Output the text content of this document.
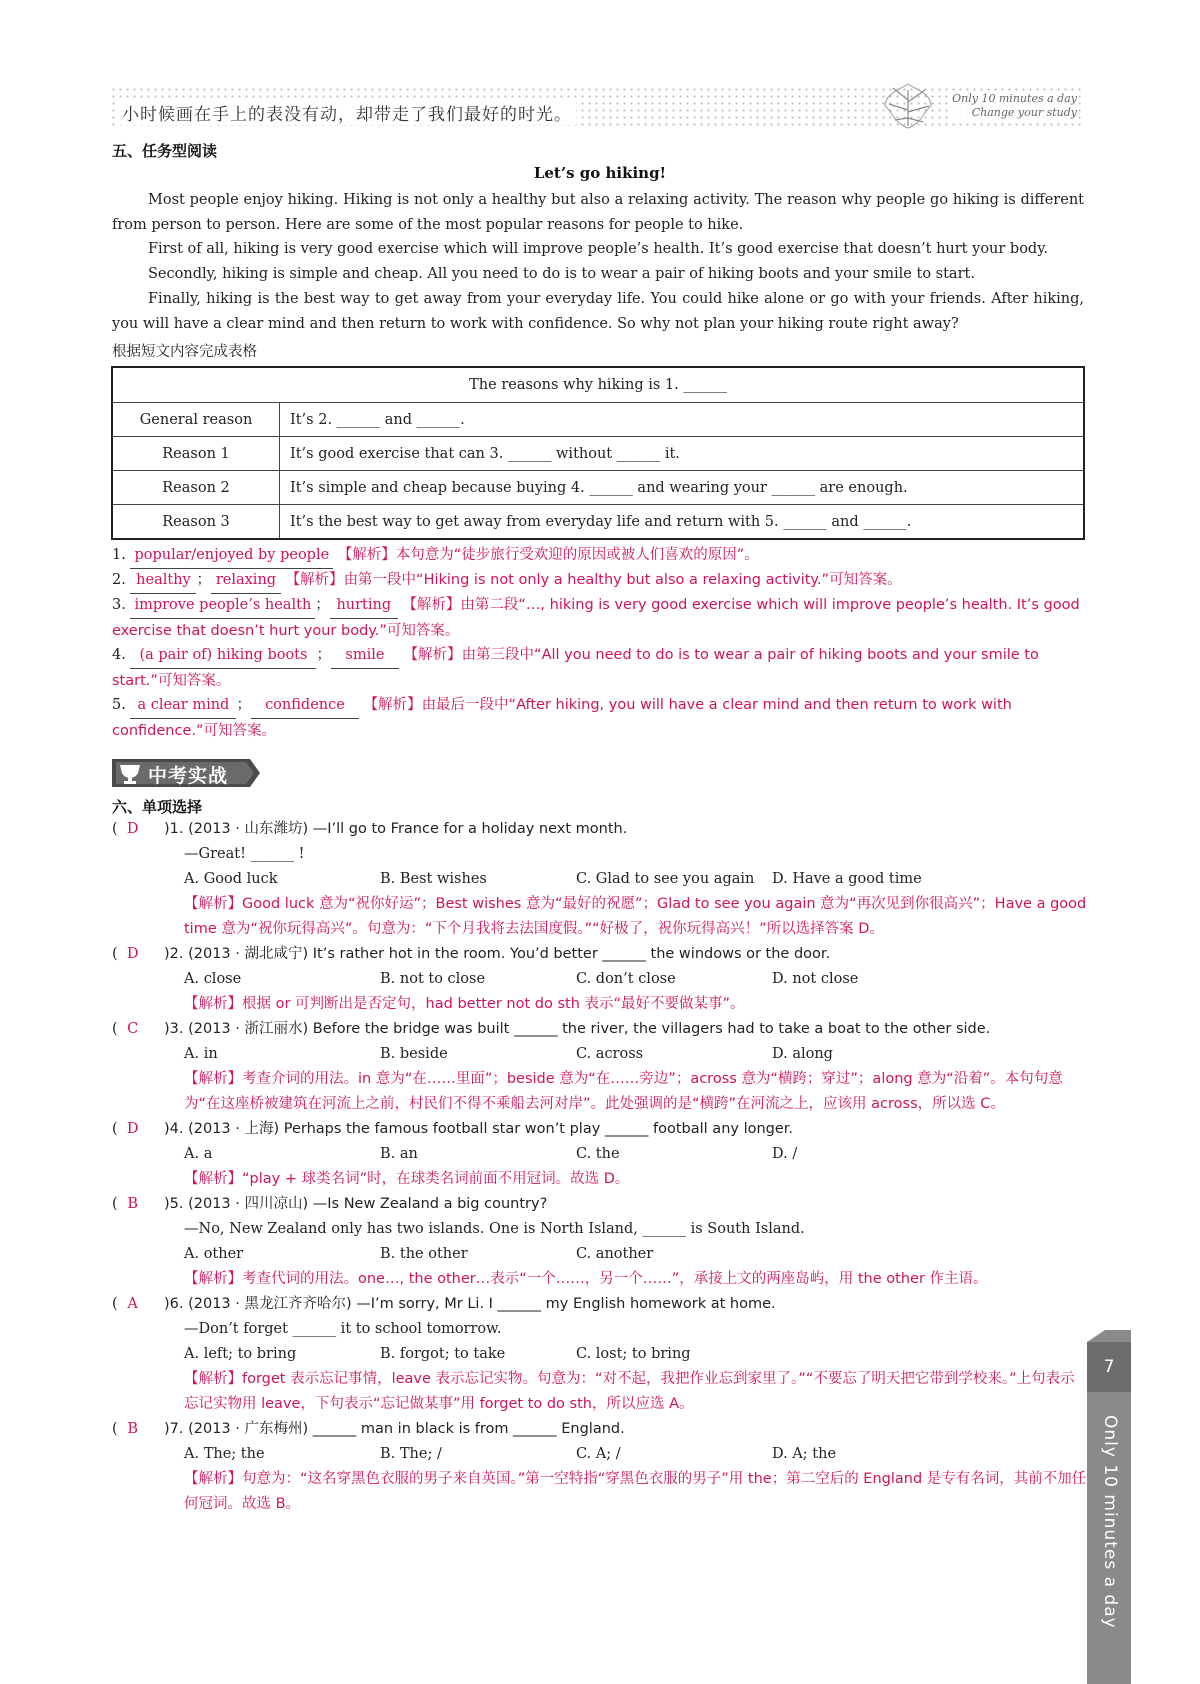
小时候画在手上的表没有动，却带走了我们最好的时光。
Only 10 minutes a day
Change your study
五、任务型阅读
Let’s go hiking!
Most people enjoy hiking. Hiking is not only a healthy but also a relaxing activity. The reason why people go hiking is different from person to person. Here are some of the most popular reasons for people to hike.
First of all, hiking is very good exercise which will improve people’s health. It’s good exercise that doesn’t hurt your body.
Secondly, hiking is simple and cheap. All you need to do is to wear a pair of hiking boots and your smile to start.
Finally, hiking is the best way to get away from your everyday life. You could hike alone or go with your friends. After hiking, you will have a clear mind and then return to work with confidence. So why not plan your hiking route right away?
根据短文内容完成表格
The reasons why hiking is 1. ______	
General reason	It’s 2. ______ and ______.
Reason 1	It’s good exercise that can 3. ______ without ______ it.
Reason 2	It’s simple and cheap because buying 4. ______ and wearing your ______ are enough.
Reason 3	It’s the best way to get away from everyday life and return with 5. ______ and ______.
1. popular/enjoyed by people 【解析】本句意为“徒步旅行受欢迎的原因或被人们喜欢的原因”。
2. healthy ； relaxing 【解析】由第一段中“Hiking is not only a healthy but also a relaxing activity.”可知答案。
3. improve people’s health ； hurting 【解析】由第二段“…, hiking is very good exercise which will improve people’s health. It’s good exercise that doesn’t hurt your body.”可知答案。
4. (a pair of) hiking boots ； smile 【解析】由第三段中“All you need to do is to wear a pair of hiking boots and your smile to start.”可知答案。
5. a clear mind ； confidence 【解析】由最后一段中“After hiking, you will have a clear mind and then return to work with confidence.”可知答案。
中考实战
六、单项选择
( D )1. (2013 · 山东潍坊) —I’ll go to France for a holiday next month.
—Great! ______ !
A. Good luck	B. Best wishes	C. Glad to see you again D. Have a good time
【解析】Good luck 意为“祝你好运”；Best wishes 意为“最好的祝愿”；Glad to see you again 意为“再次见到你很高兴”；Have a good time 意为“祝你玩得高兴”。句意为：“下个月我将去法国度假。”“好极了，祝你玩得高兴！”所以选择答案 D。
( D )2. (2013 · 湖北咸宁) It’s rather hot in the room. You’d better ______ the windows or the door.
A. close	B. not to close	C. don’t close	D. not close
【解析】根据 or 可判断出是否定句，had better not do sth 表示“最好不要做某事”。
( C )3. (2013 · 浙江丽水) Before the bridge was built ______ the river, the villagers had to take a boat to the other side.
A. in	B. beside	C. across	D. along
【解析】考查介词的用法。in 意为“在……里面”；beside 意为“在……旁边”；across 意为“横跨；穿过”；along 意为“沿着”。本句句意为“在这座桥被建筑在河流上之前，村民们不得不乘船去河对岸”。此处强调的是“横跨”在河流之上，应该用 across，所以选 C。
( D )4. (2013 · 上海) Perhaps the famous football star won’t play ______ football any longer.
A. a	B. an	C. the	D. /
【解析】“play + 球类名词”时，在球类名词前面不用冠词。故选 D。
( B )5. (2013 · 四川凉山) —Is New Zealand a big country?
—No, New Zealand only has two islands. One is North Island, ______ is South Island.
A. other	B. the other	C. another
【解析】考查代词的用法。one…, the other…表示“一个……，另一个……”，承接上文的两座岛屿，用 the other 作主语。
( A )6. (2013 · 黑龙江齐齐哈尔) —I’m sorry, Mr Li. I ______ my English homework at home.
—Don’t forget ______ it to school tomorrow.
A. left; to bring	B. forgot; to take	C. lost; to bring
【解析】forget 表示忘记事情，leave 表示忘记实物。句意为：“对不起，我把作业忘到家里了。”“不要忘了明天把它带到学校来。”上句表示忘记实物用 leave，下句表示“忘记做某事”用 forget to do sth，所以应选 A。
( B )7. (2013 · 广东梅州) ______ man in black is from ______ England.
A. The; the	B. The; /	C. A; /	D. A; the
【解析】句意为：“这名穿黑色衣服的男子来自英国。”第一空特指“穿黑色衣服的男子”用 the；第二空后的 England 是专有名词，其前不加任何冠词。故选 B。
7
Only 10 minutes a day
